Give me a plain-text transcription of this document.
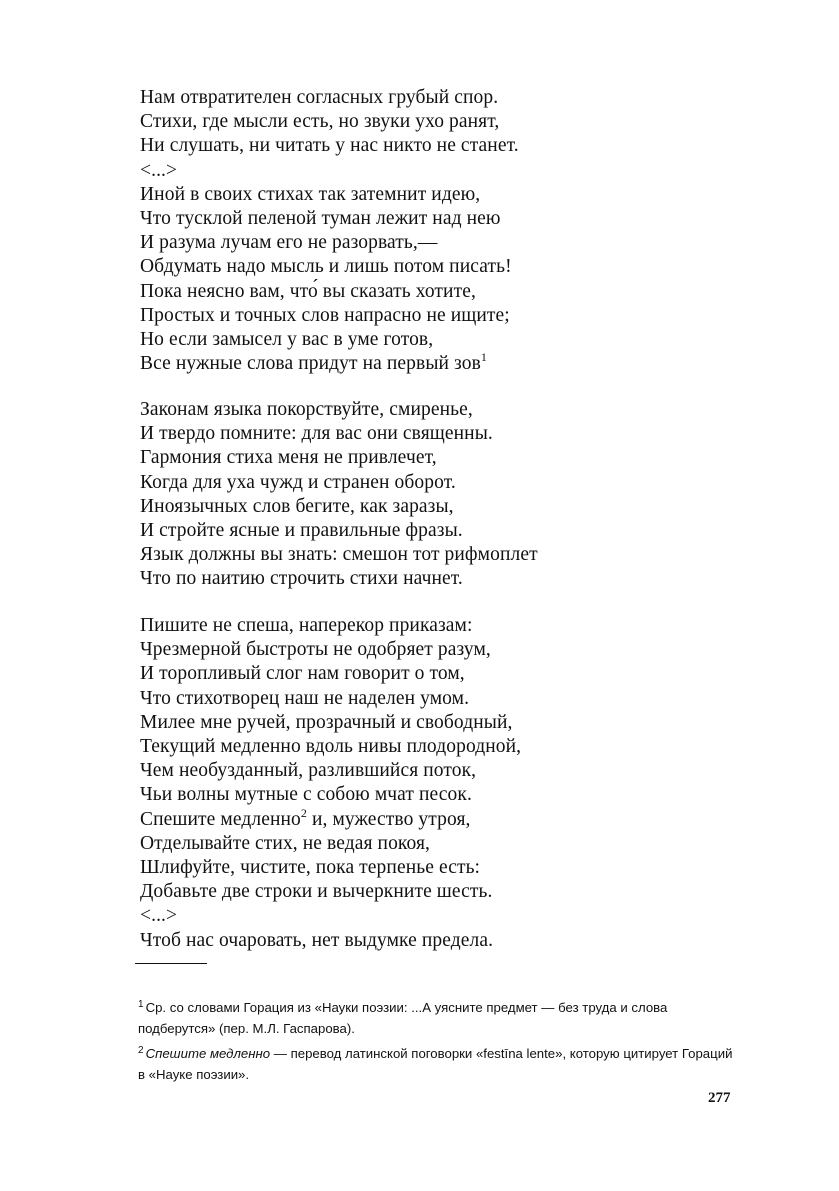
Нам отвратителен согласных грубый спор.
Стихи, где мысли есть, но звуки ухо ранят,
Ни слушать, ни читать у нас никто не станет.
<...>
Иной в своих стихах так затемнит идею,
Что тусклой пеленой туман лежит над нею
И разума лучам его не разорвать,—
Обдумать надо мысль и лишь потом писать!
Пока неясно вам, что́ вы сказать хотите,
Простых и точных слов напрасно не ищите;
Но если замысел у вас в уме готов,
Все нужные слова придут на первый зов$^1$
Законам языка покорствуйте, смиренье,
И твердо помните: для вас они священны.
Гармония стиха меня не привлечет,
Когда для уха чужд и странен оборот.
Иноязычных слов бегите, как заразы,
И стройте ясные и правильные фразы.
Язык должны вы знать: смешон тот рифмоплет
Что по наитию строчить стихи начнет.
Пишите не спеша, наперекор приказам:
Чрезмерной быстроты не одобряет разум,
И торопливый слог нам говорит о том,
Что стихотворец наш не наделен умом.
Милее мне ручей, прозрачный и свободный,
Текущий медленно вдоль нивы плодородной,
Чем необузданный, разлившийся поток,
Чьи волны мутные с собою мчат песок.
Спешите медленно$^2$ и, мужество утроя,
Отделывайте стих, не ведая покоя,
Шлифуйте, чистите, пока терпенье есть:
Добавьте две строки и вычеркните шесть.
<...>
Чтоб нас очаровать, нет выдумке предела.

$^1$ Ср. со словами Горация из «Науки поэзии: ...А уясните предмет — без труда и слова подберутся» (пер. М.Л. Гаспарова).

$^2$ Спешите медленно — перевод латинской поговорки «festīna lente», которую цитирует Гораций в «Науке поэзии».

277
